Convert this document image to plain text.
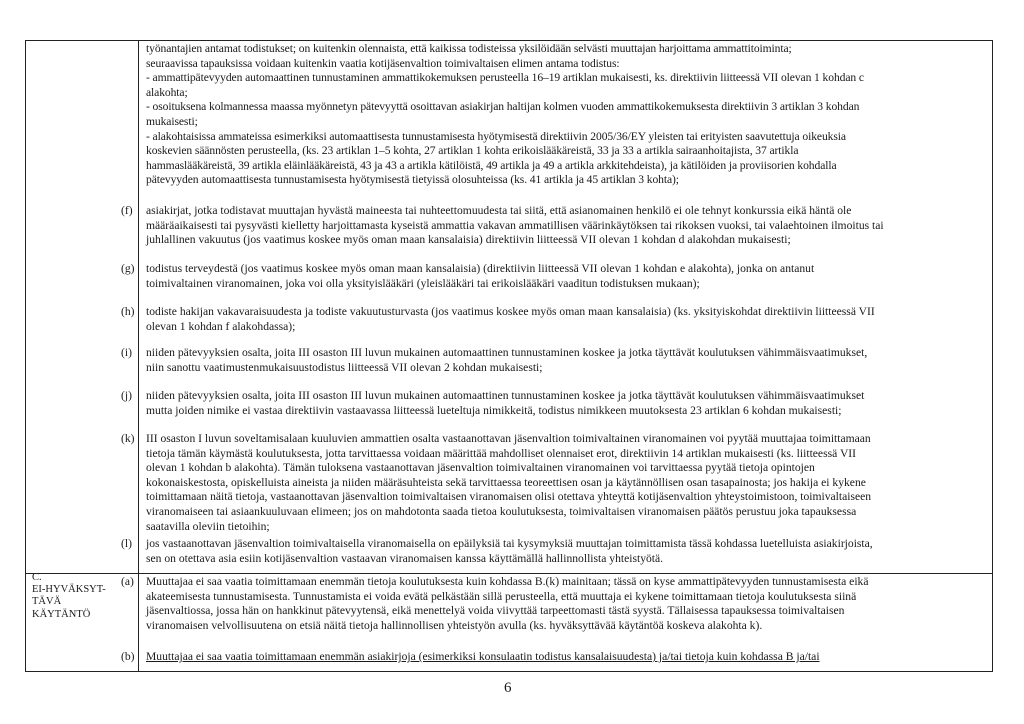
työnantajien antamat todistukset; on kuitenkin olennaista, että kaikissa todisteissa yksilöidään selvästi muuttajan harjoittama ammattitoiminta;
seuraavissa tapauksissa voidaan kuitenkin vaatia kotijäsenvaltion toimivaltaisen elimen antama todistus:
- ammattipätevyyden automaattinen tunnustaminen ammattikokemuksen perusteella 16–19 artiklan mukaisesti, ks. direktiivin liitteessä VII olevan 1 kohdan c
alakohta;
- osoituksena kolmannessa maassa myönnetyn pätevyyttä osoittavan asiakirjan haltijan kolmen vuoden ammattikokemuksesta direktiivin 3 artiklan 3 kohdan
mukaisesti;
- alakohtaisissa ammateissa esimerkiksi automaattisesta tunnustamisesta hyötymisestä direktiivin 2005/36/EY yleisten tai erityisten saavutettuja oikeuksia
koskevien säännösten perusteella, (ks. 23 artiklan 1–5 kohta, 27 artiklan 1 kohta erikoislääkäreistä, 33 ja 33 a artikla sairaanhoitajista, 37 artikla
hammaslääkäreistä, 39 artikla eläinlääkäreistä, 43 ja 43 a artikla kätilöistä, 49 artikla ja 49 a artikla arkkitehdeista), ja kätilöiden ja proviisorien kohdalla
pätevyyden automaattisesta tunnustamisesta hyötymisestä tietyissä olosuhteissa (ks. 41 artikla ja 45 artiklan 3 kohta);
(f)	asiakirjat, jotka todistavat muuttajan hyvästä maineesta tai nuhteettomuudesta tai siitä, että asianomainen henkilö ei ole tehnyt konkurssia eikä häntä ole
määräaikaisesti tai pysyvästi kielletty harjoittamasta kyseistä ammattia vakavan ammatillisen väärinkäytöksen tai rikoksen vuoksi, tai valaehtoinen ilmoitus tai
juhlallinen vakuutus (jos vaatimus koskee myös oman maan kansalaisia) direktiivin liitteessä VII olevan 1 kohdan d alakohdan mukaisesti;
(g) todistus terveydestä (jos vaatimus koskee myös oman maan kansalaisia) (direktiivin liitteessä VII olevan 1 kohdan e alakohta), jonka on antanut
toimivaltainen viranomainen, joka voi olla yksityislääkäri (yleislääkäri tai erikoislääkäri vaaditun todistuksen mukaan);
(h) todiste hakijan vakavaraisuudesta ja todiste vakuutusturvasta (jos vaatimus koskee myös oman maan kansalaisia) (ks. yksityiskohdat direktiivin liitteessä VII
olevan 1 kohdan f alakohdassa);
(i)	niiden pätevyyksien osalta, joita III osaston III luvun mukainen automaattinen tunnustaminen koskee ja jotka täyttävät koulutuksen vähimmäisvaatimukset,
niin sanottu vaatimustenmukaisuustodistus liitteessä VII olevan 2 kohdan mukaisesti;
(j)	niiden pätevyyksien osalta, joita III osaston III luvun mukainen automaattinen tunnustaminen koskee ja jotka täyttävät koulutuksen vähimmäisvaatimukset
mutta joiden nimike ei vastaa direktiivin vastaavassa liitteessä lueteltuja nimikkeitä, todistus nimikkeen muutoksesta 23 artiklan 6 kohdan mukaisesti;
(k) III osaston I luvun soveltamisalaan kuuluvien ammattien osalta vastaanottavan jäsenvaltion toimivaltainen viranomainen voi pyytää muuttajaa toimittamaan
tietoja tämän käymästä koulutuksesta, jotta tarvittaessa voidaan määrittää mahdolliset olennaiset erot, direktiivin 14 artiklan mukaisesti (ks. liitteessä VII
olevan 1 kohdan b alakohta). Tämän tuloksena vastaanottavan jäsenvaltion toimivaltainen viranomainen voi tarvittaessa pyytää tietoja opintojen
kokonaiskestosta, opiskelluista aineista ja niiden määräsuhteista sekä tarvittaessa teoreettisen osan ja käytännöllisen osan tasapainosta; jos hakija ei kykene
toimittamaan näitä tietoja, vastaanottavan jäsenvaltion toimivaltaisen viranomaisen olisi otettava yhteyttä kotijäsenvaltion yhteystoimistoon, toimivaltaiseen
viranomaiseen tai asiaankuuluvaan elimeen; jos on mahdotonta saada tietoa koulutuksesta, toimivaltaisen viranomaisen päätös perustuu joka tapauksessa
saatavilla oleviin tietoihin;
(l)	jos vastaanottavan jäsenvaltion toimivaltaisella viranomaisella on epäilyksiä tai kysymyksiä muuttajan toimittamista tässä kohdassa luetelluista asiakirjoista,
sen on otettava asia esiin kotijäsenvaltion vastaavan viranomaisen kanssa käyttämällä hallinnollista yhteistyötä.
C.
EI-HYVÄKSYT-
TÄVÄ
KÄYTÄNTÖ
(a)	Muuttajaa ei saa vaatia toimittamaan enemmän tietoja koulutuksesta kuin kohdassa B.(k) mainitaan; tässä on kyse ammattipätevyyden tunnustamisesta eikä
akateemisesta tunnustamisesta. Tunnustamista ei voida evätä pelkästään sillä perusteella, että muuttaja ei kykene toimittamaan tietoja koulutuksesta siinä
jäsenvaltiossa, jossa hän on hankkinut pätevyytensä, eikä menettelyä voida viivyttää tarpeettomasti tästä syystä. Tällaisessa tapauksessa toimivaltaisen
viranomaisen velvollisuutena on etsiä näitä tietoja hallinnollisen yhteistyön avulla (ks. hyväksyttävää käytäntöä koskeva alakohta k).
(b) Muuttajaa ei saa vaatia toimittamaan enemmän asiakirjoja (esimerkiksi konsulaatin todistus kansalaisuudesta) ja/tai tietoja kuin kohdassa B ja/tai
6
